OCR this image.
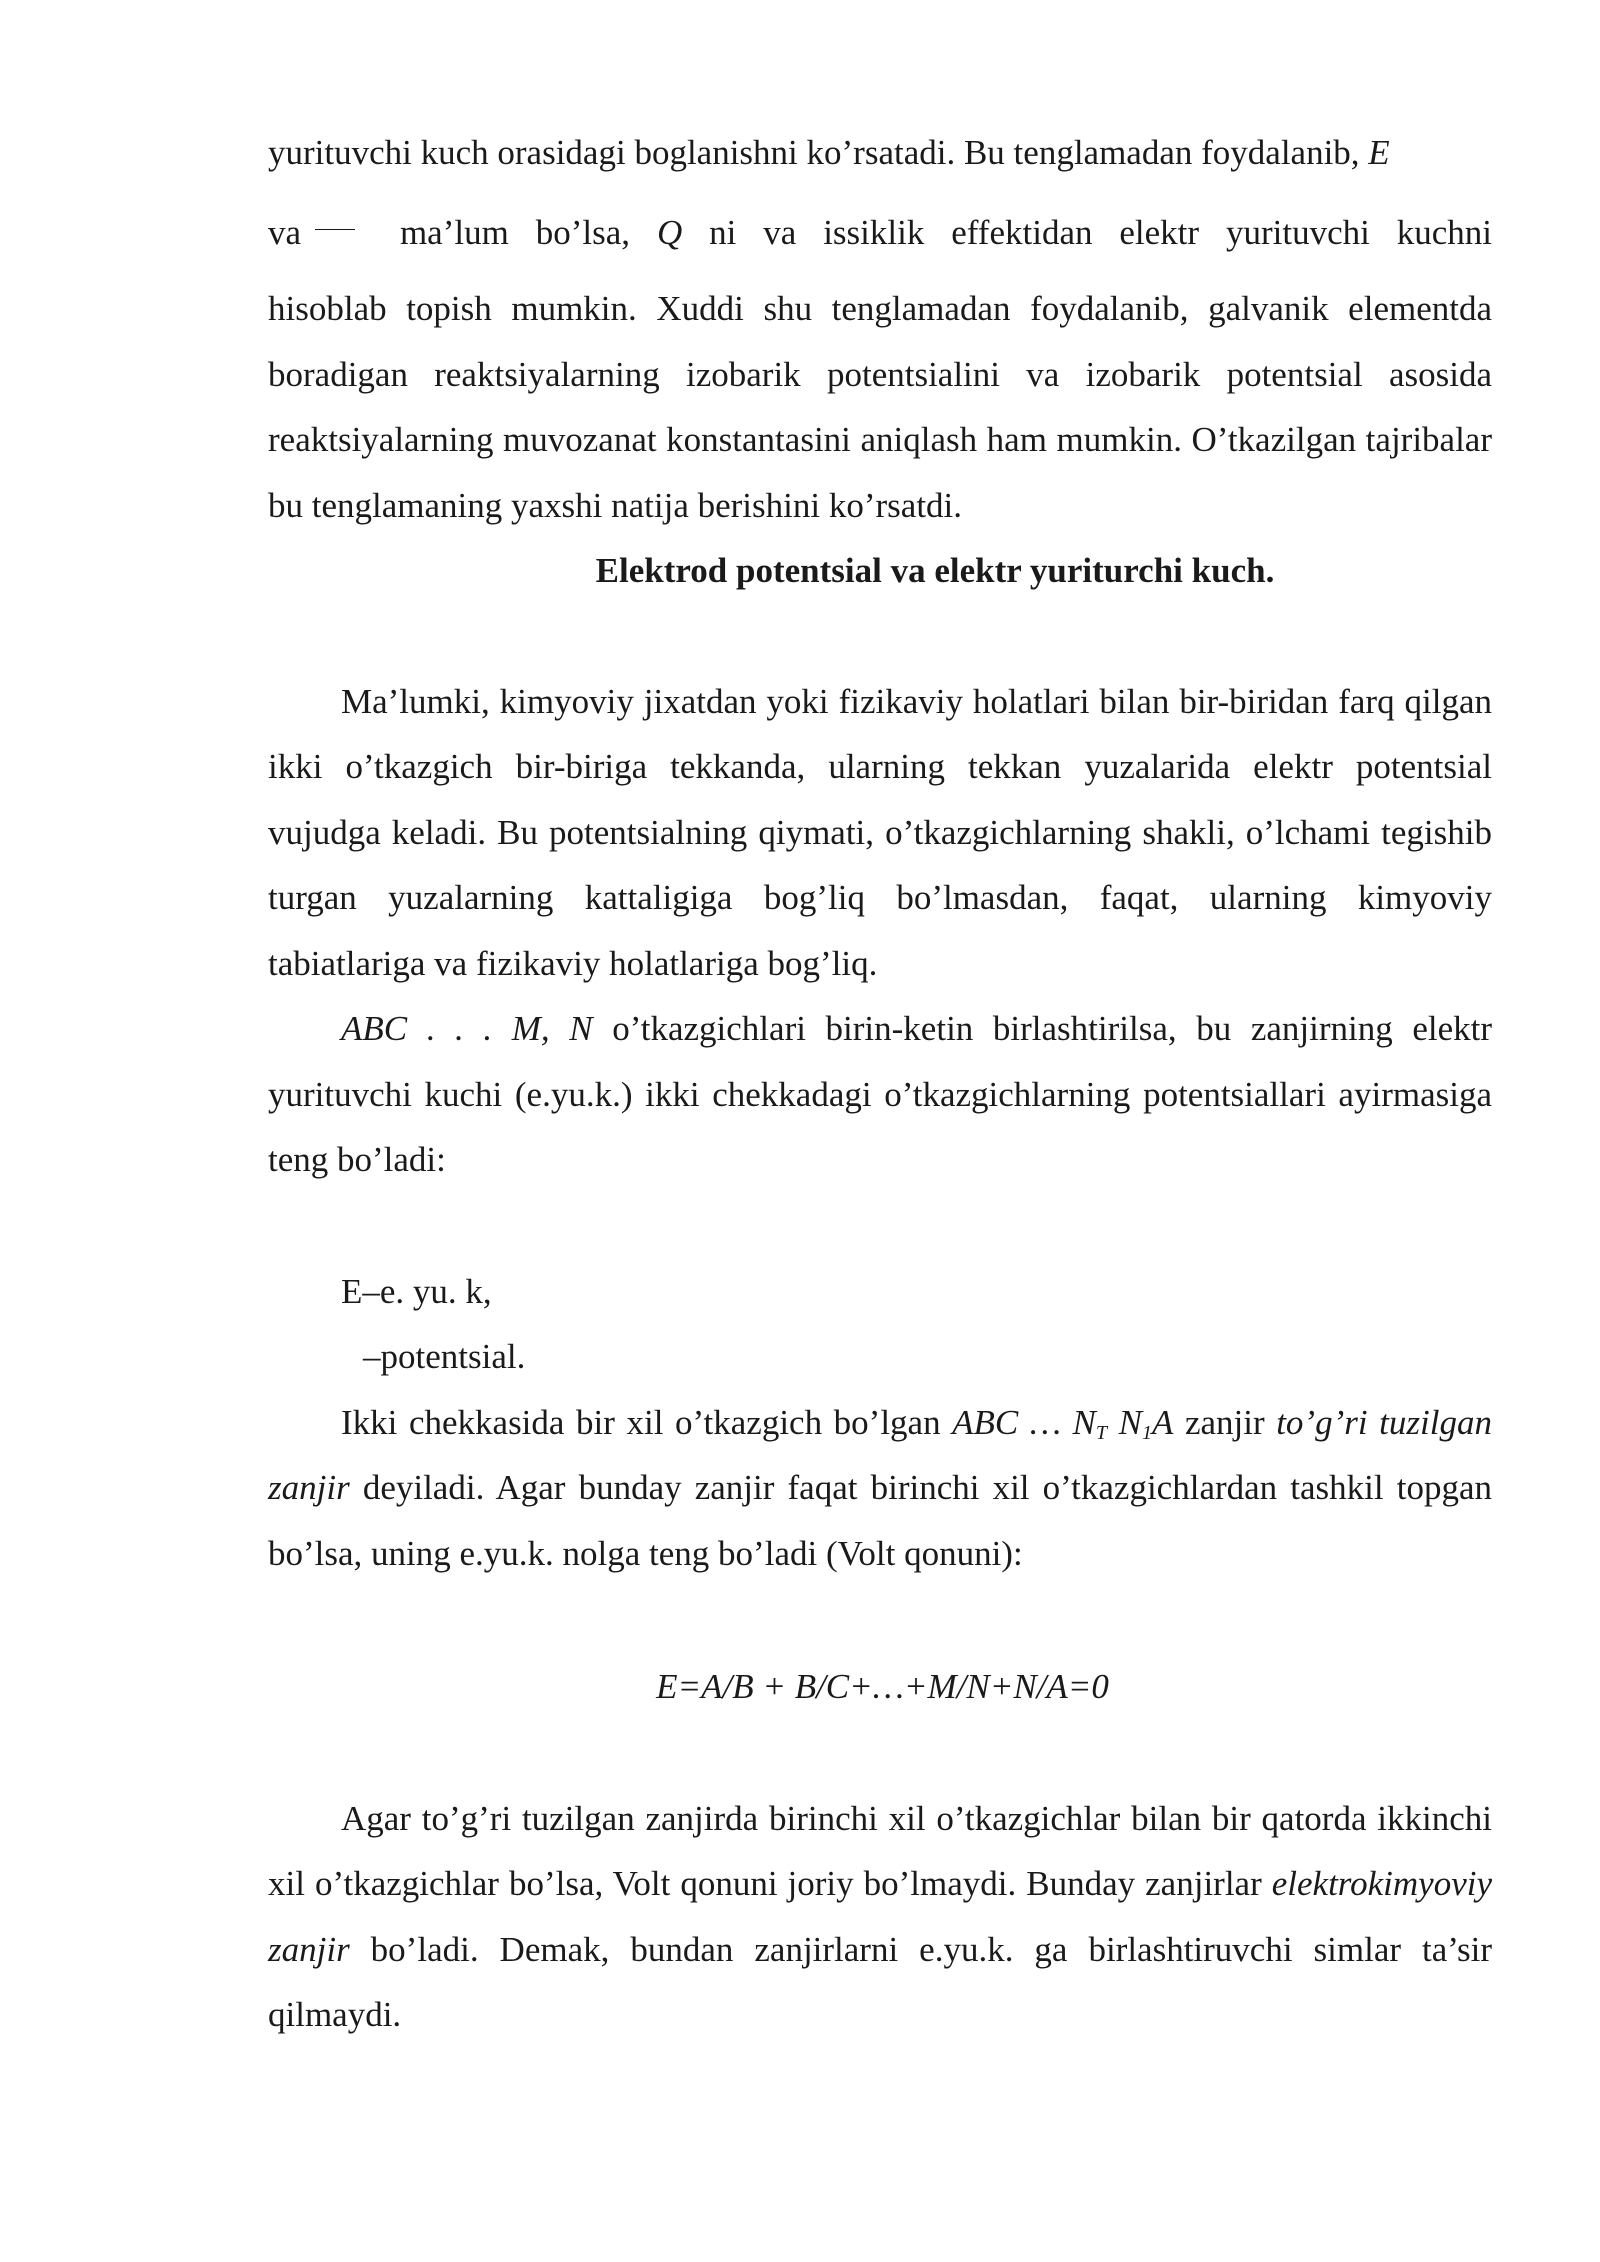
yurituvchi kuch orasidagi boglanishni ko’rsatadi. Bu tenglamadan foydalanib, E

va ma’lum bo’lsa, Q ni va issiklik effektidan elektr yurituvchi kuchni

hisoblab topish mumkin. Xuddi shu tenglamadan foydalanib, galvanik elementda boradigan reaktsiyalarning izobarik potentsialini va izobarik potentsial asosida reaktsiyalarning muvozanat konstantasini aniqlash ham mumkin. O’tkazilgan tajribalar bu tenglamaning yaxshi natija berishini ko’rsatdi.

Elektrod potentsial va elektr yuriturchi kuch.

Ma’lumki, kimyoviy jixatdan yoki fizikaviy holatlari bilan bir-biridan farq qilgan ikki o’tkazgich bir-biriga tekkanda, ularning tekkan yuzalarida elektr potentsial vujudga keladi. Bu potentsialning qiymati, o’tkazgichlarning shakli, o’lchami tegishib turgan yuzalarning kattaligiga bog’liq bo’lmasdan, faqat, ularning kimyoviy tabiatlariga va fizikaviy holatlariga bog’liq.

ABC . . . M, N o’tkazgichlari birin-ketin birlashtirilsa, bu zanjirning elektr yurituvchi kuchi (e.yu.k.) ikki chekkadagi o’tkazgichlarning potentsiallari ayirmasiga teng bo’ladi:

E–e. yu. k,

–potentsial.

Ikki chekkasida bir xil o’tkazgich bo’lgan ABC … $N_T$ $N_1A$ zanjir to’g’ri tuzilgan zanjir deyiladi. Agar bunday zanjir faqat birinchi xil o’tkazgichlardan tashkil topgan bo’lsa, uning e.yu.k. nolga teng bo’ladi (Volt qonuni):

E=A/B + B/C+…+M/N+N/A=0

Agar to’g’ri tuzilgan zanjirda birinchi xil o’tkazgichlar bilan bir qatorda ikkinchi xil o’tkazgichlar bo’lsa, Volt qonuni joriy bo’lmaydi. Bunday zanjirlar elektrokimyoviy zanjir bo’ladi. Demak, bundan zanjirlarni e.yu.k. ga birlashtiruvchi simlar ta’sir qilmaydi.
